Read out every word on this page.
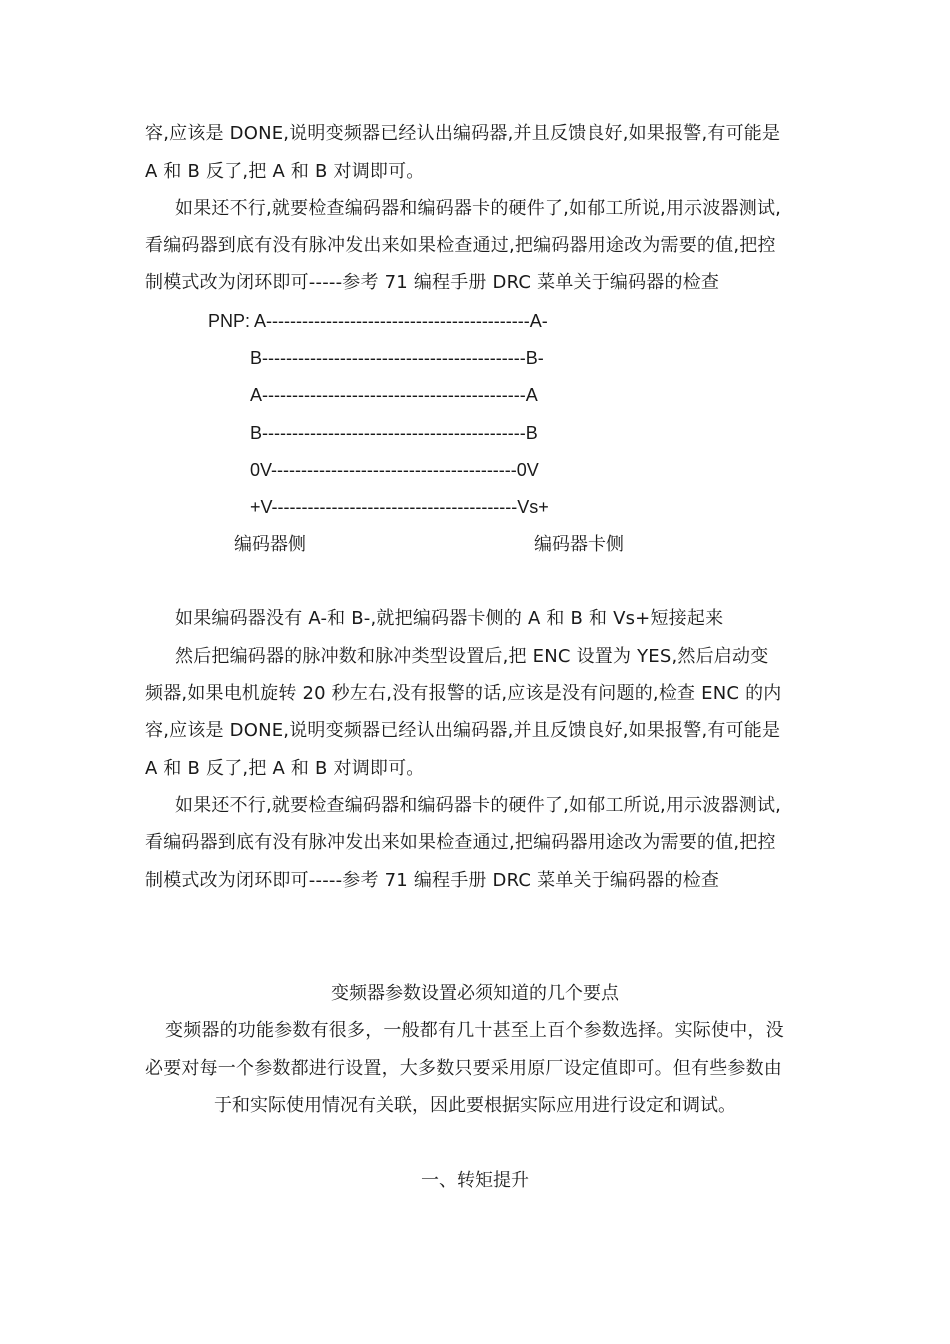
容,应该是 DONE,说明变频器已经认出编码器,并且反馈良好,如果报警,有可能是
A 和 B 反了,把 A 和 B 对调即可。
如果还不行,就要检查编码器和编码器卡的硬件了,如郁工所说,用示波器测试,
看编码器到底有没有脉冲发出来如果检查通过,把编码器用途改为需要的值,把控
制模式改为闭环即可-----参考 71 编程手册 DRC 菜单关于编码器的检查
PNP: A--------------------------------------------A-
B--------------------------------------------B-
A--------------------------------------------A
B--------------------------------------------B
0V-----------------------------------------0V
+V-----------------------------------------Vs+
编码器侧	编码器卡侧
如果编码器没有 A-和 B-,就把编码器卡侧的 A 和 B 和 Vs+短接起来
然后把编码器的脉冲数和脉冲类型设置后,把 ENC 设置为 YES,然后启动变
频器,如果电机旋转 20 秒左右,没有报警的话,应该是没有问题的,检查 ENC 的内
容,应该是 DONE,说明变频器已经认出编码器,并且反馈良好,如果报警,有可能是
A 和 B 反了,把 A 和 B 对调即可。
如果还不行,就要检查编码器和编码器卡的硬件了,如郁工所说,用示波器测试,
看编码器到底有没有脉冲发出来如果检查通过,把编码器用途改为需要的值,把控
制模式改为闭环即可-----参考 71 编程手册 DRC 菜单关于编码器的检查
变频器参数设置必须知道的几个要点
变频器的功能参数有很多，一般都有几十甚至上百个参数选择。实际使中，没
必要对每一个参数都进行设置，大多数只要采用原厂设定值即可。但有些参数由
于和实际使用情况有关联，因此要根据实际应用进行设定和调试。
一、转矩提升
